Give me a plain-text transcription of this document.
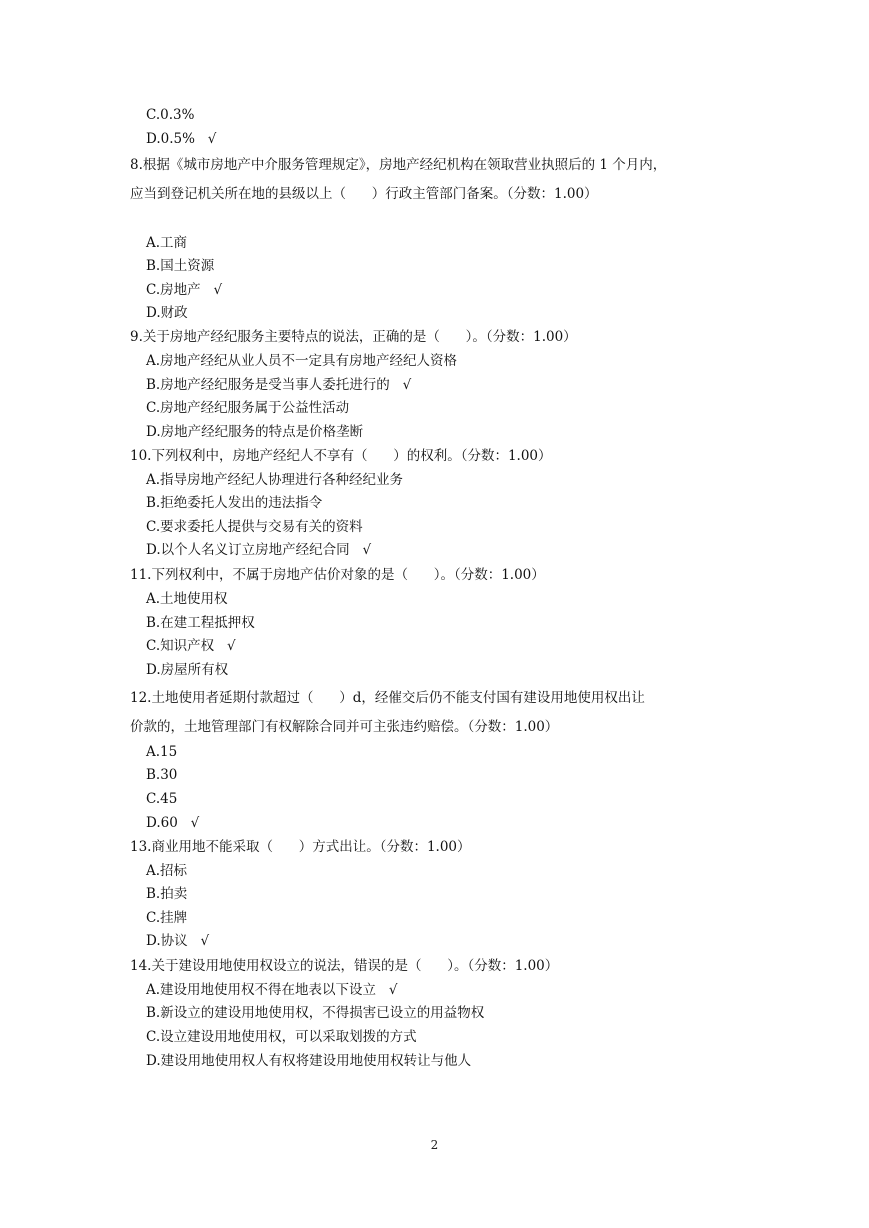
C.0.3%
D.0.5%   √
8.根据《城市房地产中介服务管理规定》，房地产经纪机构在领取营业执照后的 1 个月内，
应当到登记机关所在地的县级以上（      ）行政主管部门备案。（分数：1.00）
A.工商
B.国土资源
C.房地产   √
D.财政
9.关于房地产经纪服务主要特点的说法，正确的是（      ）。（分数：1.00）
A.房地产经纪从业人员不一定具有房地产经纪人资格
B.房地产经纪服务是受当事人委托进行的   √
C.房地产经纪服务属于公益性活动
D.房地产经纪服务的特点是价格垄断
10.下列权利中，房地产经纪人不享有（      ）的权利。（分数：1.00）
A.指导房地产经纪人协理进行各种经纪业务
B.拒绝委托人发出的违法指令
C.要求委托人提供与交易有关的资料
D.以个人名义订立房地产经纪合同   √
11.下列权利中，不属于房地产估价对象的是（      ）。（分数：1.00）
A.土地使用权
B.在建工程抵押权
C.知识产权   √
D.房屋所有权
12.土地使用者延期付款超过（      ）d，经催交后仍不能支付国有建设用地使用权出让
价款的，土地管理部门有权解除合同并可主张违约赔偿。（分数：1.00）
A.15
B.30
C.45
D.60   √
13.商业用地不能采取（      ）方式出让。（分数：1.00）
A.招标
B.拍卖
C.挂牌
D.协议   √
14.关于建设用地使用权设立的说法，错误的是（      ）。（分数：1.00）
A.建设用地使用权不得在地表以下设立   √
B.新设立的建设用地使用权，不得损害已设立的用益物权
C.设立建设用地使用权，可以采取划拨的方式
D.建设用地使用权人有权将建设用地使用权转让与他人
2
